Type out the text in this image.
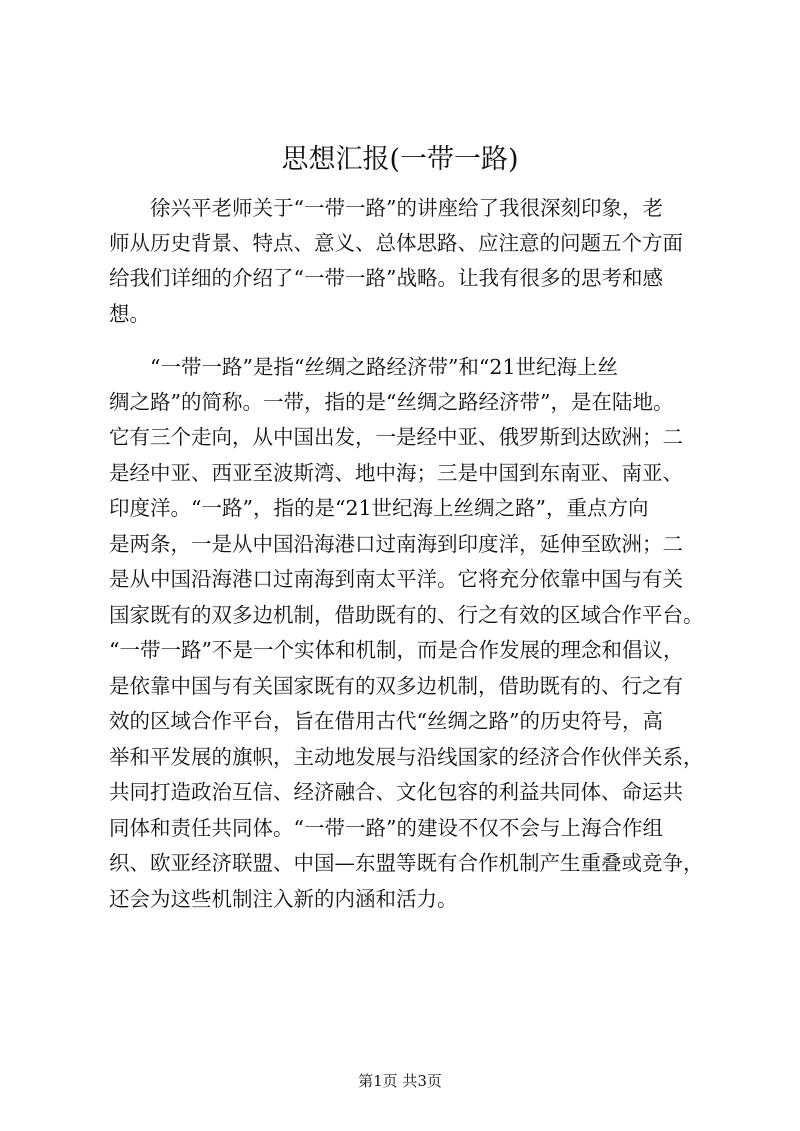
思想汇报(一带一路)
　　徐兴平老师关于“一带一路”的讲座给了我很深刻印象，老
师从历史背景、特点、意义、总体思路、应注意的问题五个方面
给我们详细的介绍了“一带一路”战略。让我有很多的思考和感
想。
　　“一带一路”是指“丝绸之路经济带”和“21世纪海上丝
绸之路”的简称。一带，指的是“丝绸之路经济带”，是在陆地。
它有三个走向，从中国出发，一是经中亚、俄罗斯到达欧洲；二
是经中亚、西亚至波斯湾、地中海；三是中国到东南亚、南亚、
印度洋。“一路”，指的是“21世纪海上丝绸之路”，重点方向
是两条，一是从中国沿海港口过南海到印度洋，延伸至欧洲；二
是从中国沿海港口过南海到南太平洋。它将充分依靠中国与有关
国家既有的双多边机制，借助既有的、行之有效的区域合作平台。
“一带一路”不是一个实体和机制，而是合作发展的理念和倡议，
是依靠中国与有关国家既有的双多边机制，借助既有的、行之有
效的区域合作平台，旨在借用古代“丝绸之路”的历史符号，高
举和平发展的旗帜，主动地发展与沿线国家的经济合作伙伴关系，
共同打造政治互信、经济融合、文化包容的利益共同体、命运共
同体和责任共同体。“一带一路”的建设不仅不会与上海合作组
织、欧亚经济联盟、中国—东盟等既有合作机制产生重叠或竞争，
还会为这些机制注入新的内涵和活力。
第1页 共3页
